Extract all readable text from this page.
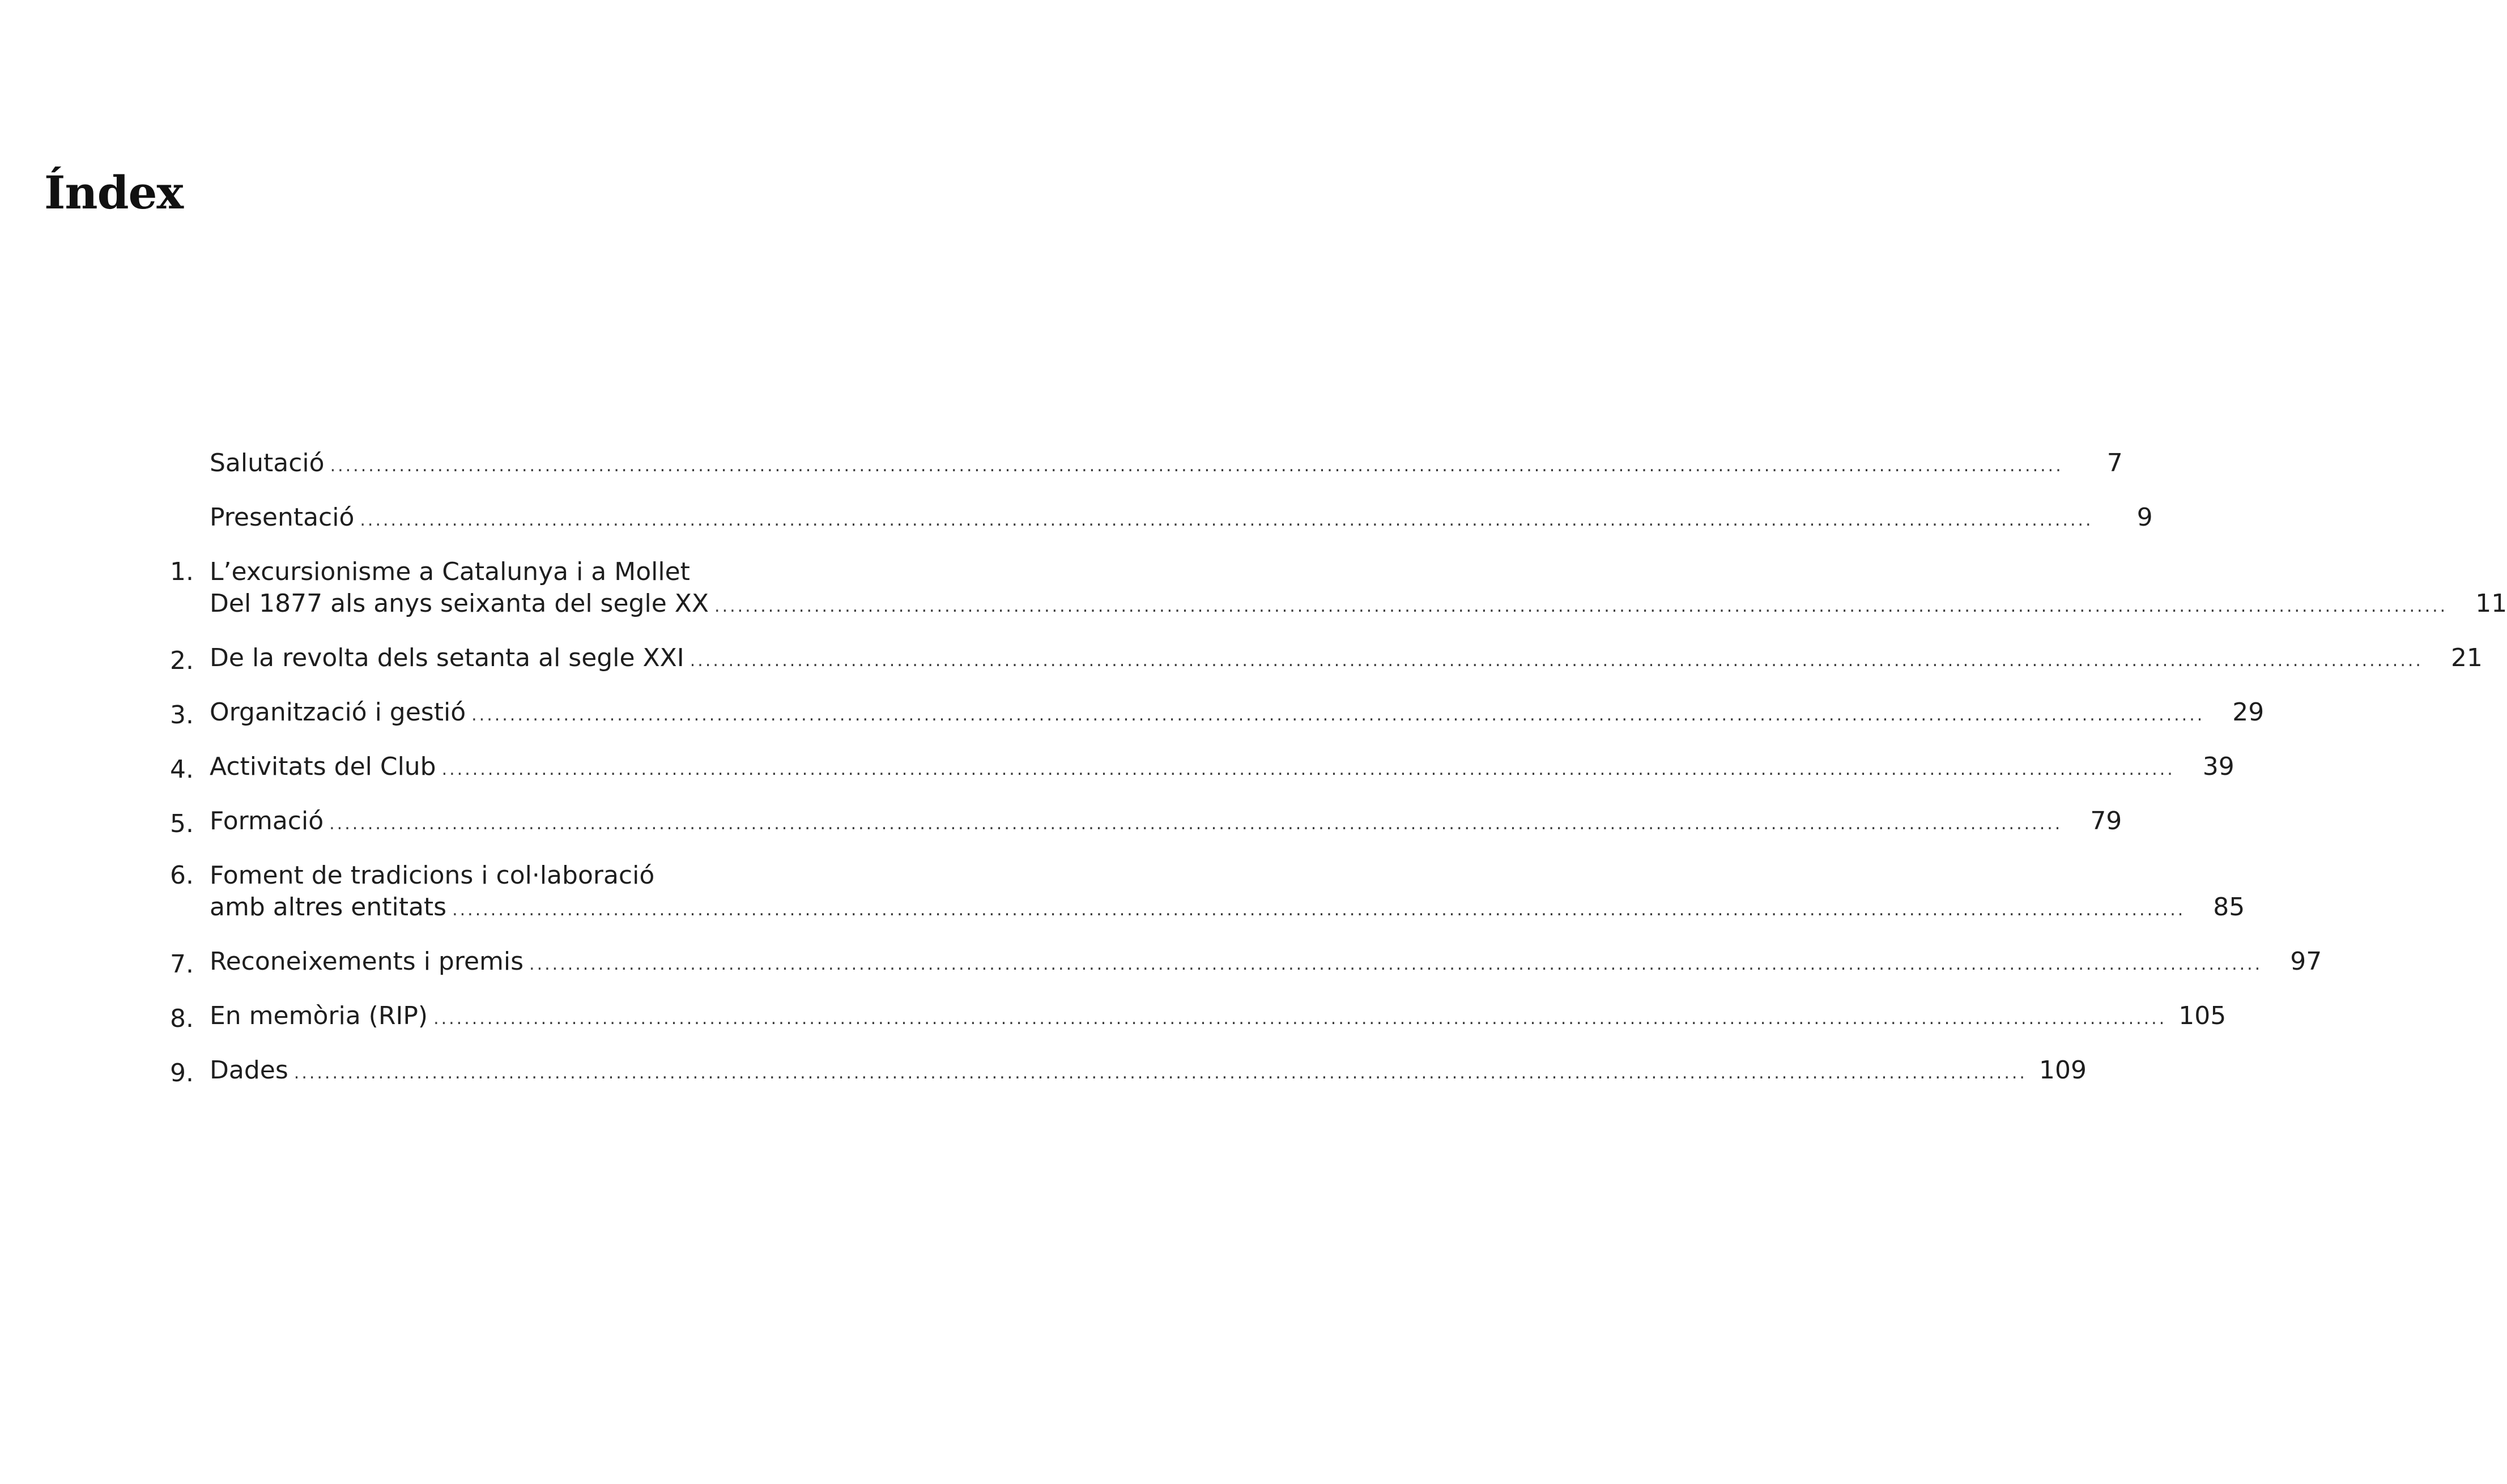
Índex
Salutació .....	7
Presentació .....	9
1. L’excursionisme a Catalunya i a Mollet
Del 1877 als anys seixanta del segle XX .....	11
2. De la revolta dels setanta al segle XXI .....	21
3. Organització i gestió .....	29
4. Activitats del Club .....	39
5. Formació .....	79
6. Foment de tradicions i col·laboració
amb altres entitats .....	85
7. Reconeixements i premis .....	97
8. En memòria (RIP) .....	105
9. Dades .....	109
